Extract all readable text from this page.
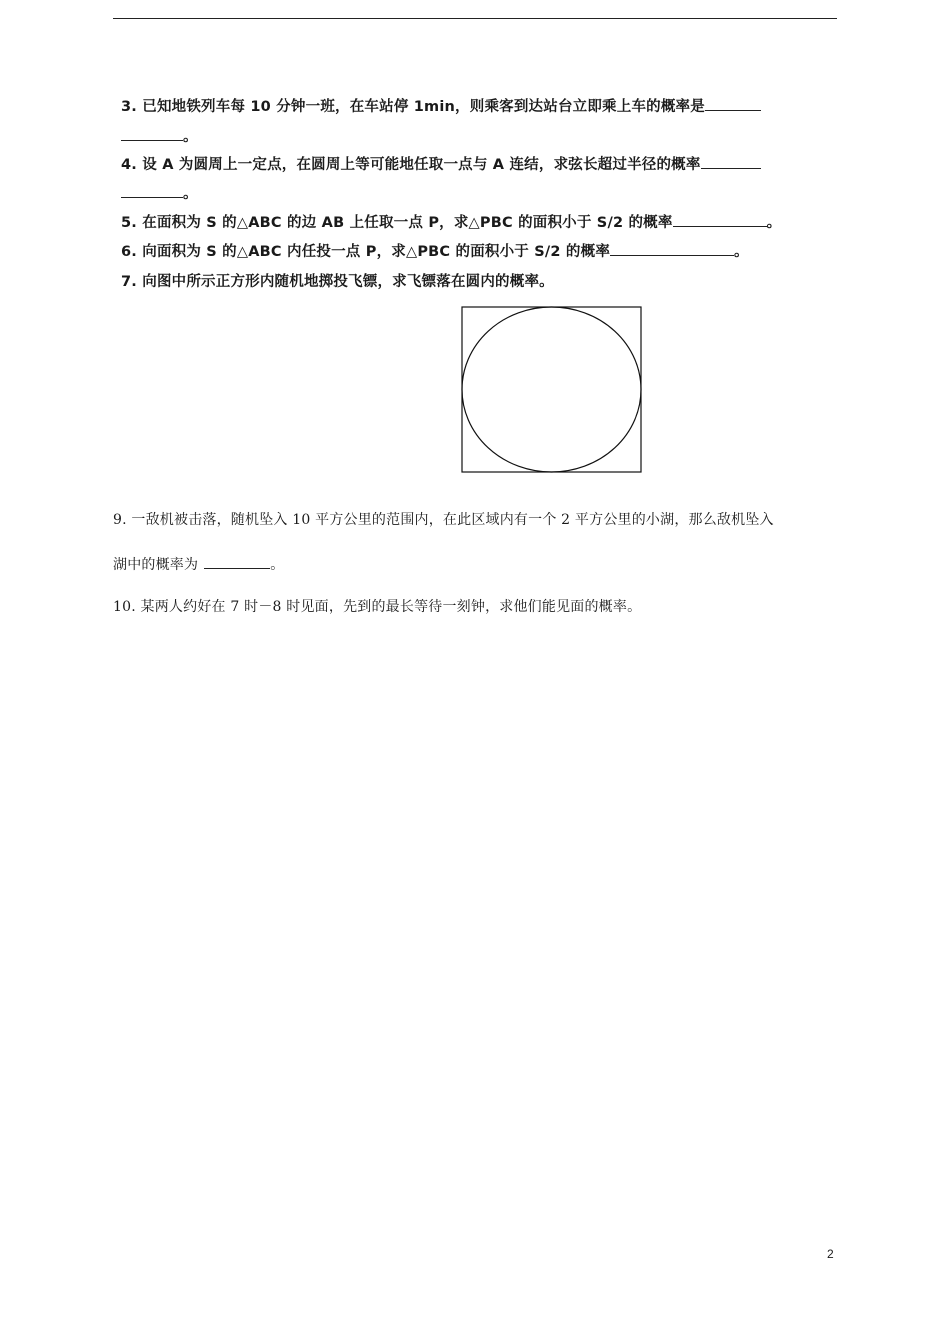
3. 已知地铁列车每 10 分钟一班，在车站停 1min，则乘客到达站台立即乘上车的概率是
。
4. 设 A 为圆周上一定点，在圆周上等可能地任取一点与 A 连结，求弦长超过半径的概率
。
5. 在面积为 S 的△ABC 的边 AB 上任取一点 P，求△PBC 的面积小于 S/2 的概率	。
6. 向面积为 S 的△ABC 内任投一点 P，求△PBC 的面积小于 S/2 的概率	。
7. 向图中所示正方形内随机地掷投飞镖，求飞镖落在圆内的概率。
9. 一敌机被击落，随机坠入 10 平方公里的范围内，在此区域内有一个 2 平方公里的小湖，那么敌机坠入
湖中的概率为	。
10. 某两人约好在 7 时－8 时见面，先到的最长等待一刻钟，求他们能见面的概率。
2
